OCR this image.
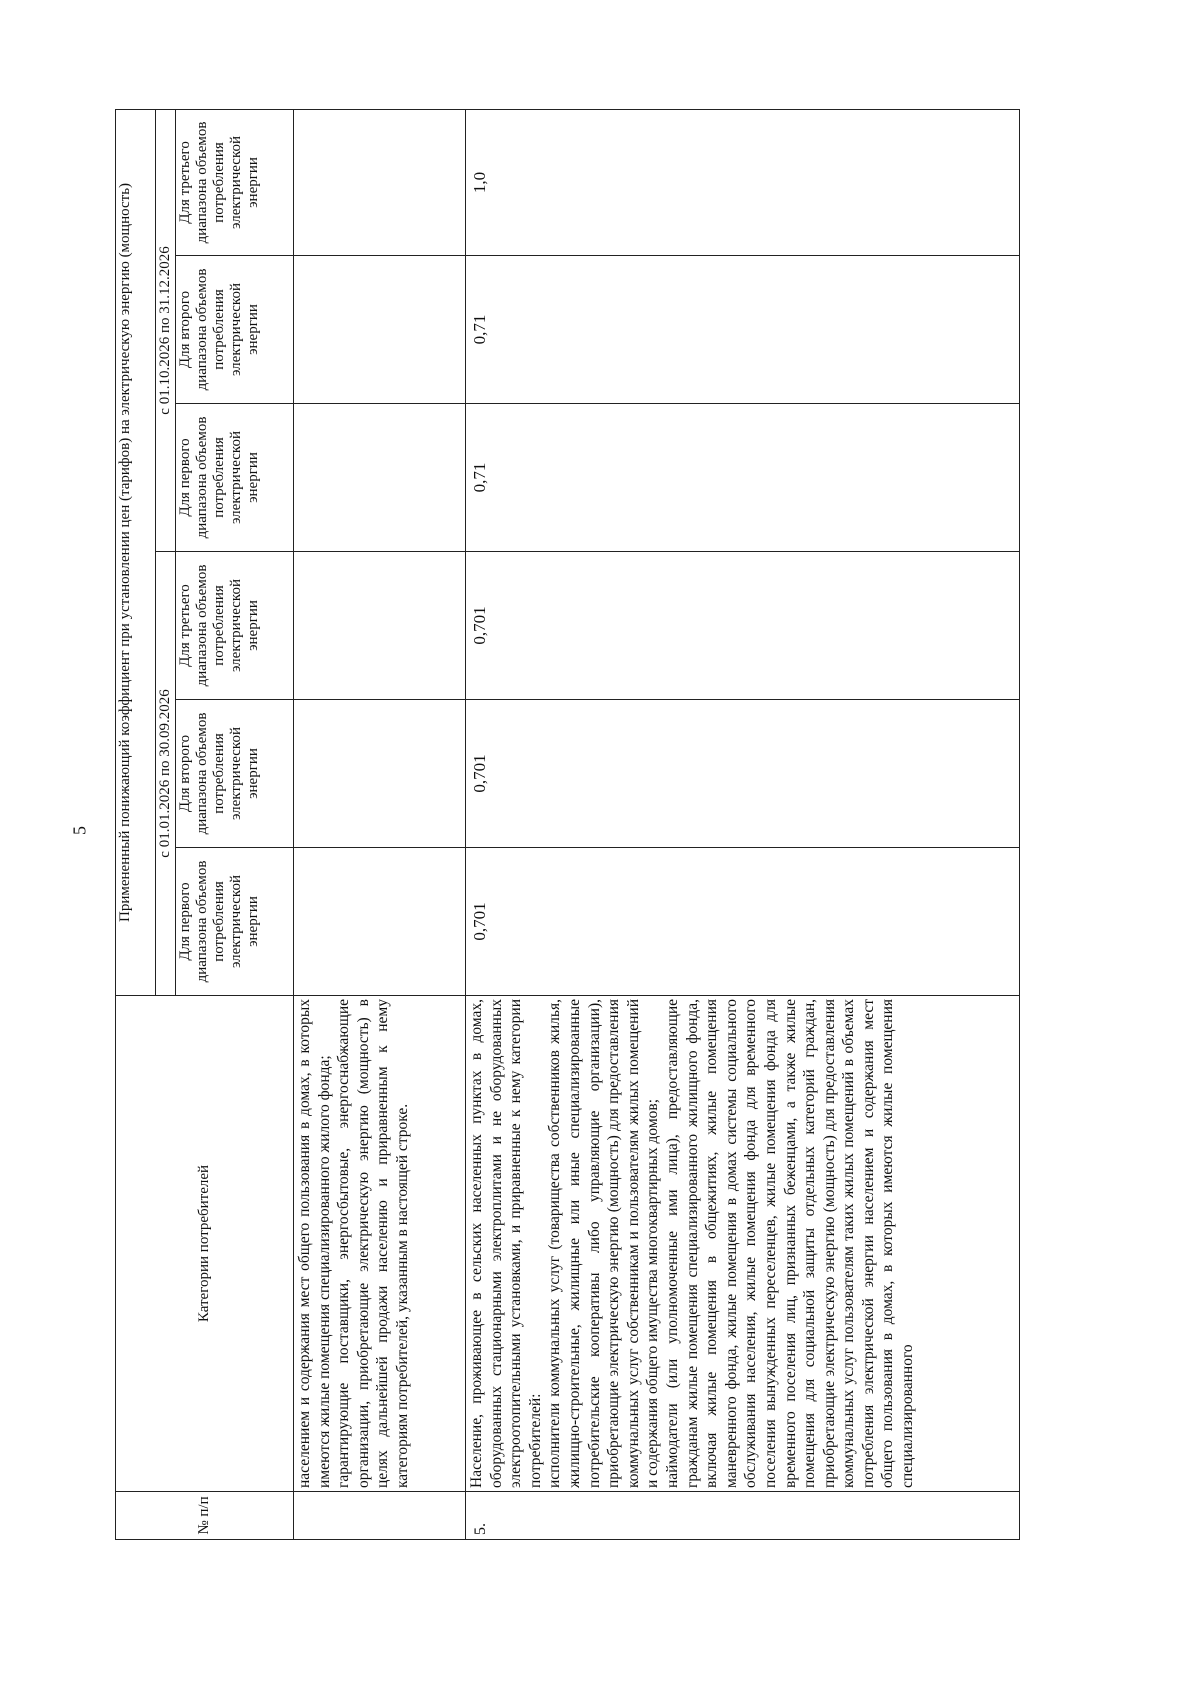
5
№ п/п	Категории потребителей	Примененный понижающий коэффициент при установлении цен (тарифов) на электрическую энергию (мощность)					
		с 01.01.2026 по 30.09.2026			с 01.10.2026 по 31.12.2026		
		Для первого диапазона объемов потребления электрической энергии	Для второго диапазона объемов потребления электрической энергии	Для третьего диапазона объемов потребления электрической энергии	Для первого диапазона объемов потребления электрической энергии	Для второго диапазона объемов потребления электрической энергии	Для третьего диапазона объемов потребления электрической энергии

	населением и содержания мест общего пользования в домах, в которых имеются жилые помещения специализированного жилого фонда; гарантирующие поставщики, энергосбытовые, энергоснабжающие организации, приобретающие электрическую энергию (мощность) в целях дальнейшей продажи населению и приравненным к нему категориям потребителей, указанным в настоящей строке.						

5.	Население, проживающее в сельских населенных пунктах в домах, оборудованных стационарными электроплитами и не оборудованных электроотопительными установками, и приравненные к нему категории потребителей: исполнители коммунальных услуг (товарищества собственников жилья, жилищно-строительные, жилищные или иные специализированные потребительские кооперативы либо управляющие организации), приобретающие электрическую энергию (мощность) для предоставления коммунальных услуг собственникам и пользователям жилых помещений и содержания общего имущества многоквартирных домов; наймодатели (или уполномоченные ими лица), предоставляющие гражданам жилые помещения специализированного жилищного фонда, включая жилые помещения в общежитиях, жилые помещения маневренного фонда, жилые помещения в домах системы социального обслуживания населения, жилые помещения фонда для временного поселения вынужденных переселенцев, жилые помещения фонда для временного поселения лиц, признанных беженцами, а также жилые помещения для социальной защиты отдельных категорий граждан, приобретающие электрическую энергию (мощность) для предоставления коммунальных услуг пользователям таких жилых помещений в объемах потребления электрической энергии населением и содержания мест общего пользования в домах, в которых имеются жилые помещения специализированного	0,701	0,701	0,701	0,71	0,71	1,0
